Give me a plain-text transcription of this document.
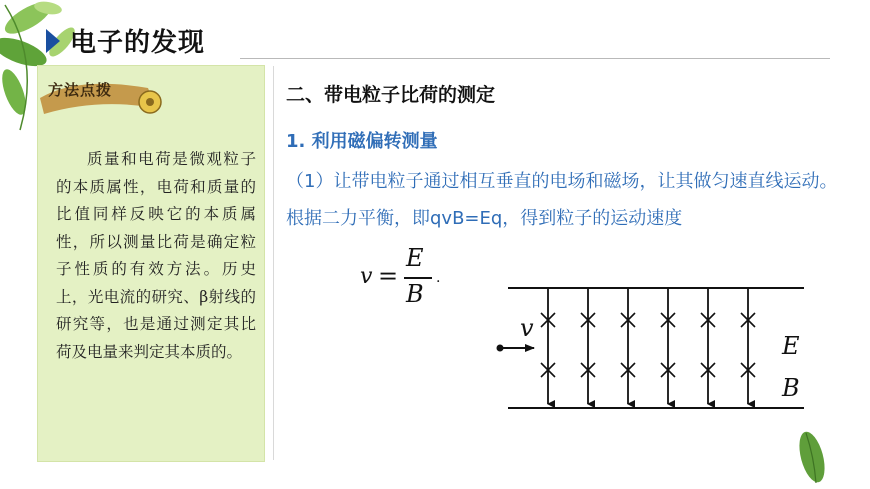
电子的发现
方法点拨
质量和电荷是微观粒子的本质属性，电荷和质量的比值同样反映它的本质属性，所以测量比荷是确定粒子性质的有效方法。历史上，光电流的研究、β射线的研究等，也是通过测定其比荷及电量来判定其本质的。
二、带电粒子比荷的测定
1. 利用磁偏转测量
（1）让带电粒子通过相互垂直的电场和磁场，让其做匀速直线运动。根据二力平衡，即qvB=Eq，得到粒子的运动速度
v =
E
B
.
v
E
B
